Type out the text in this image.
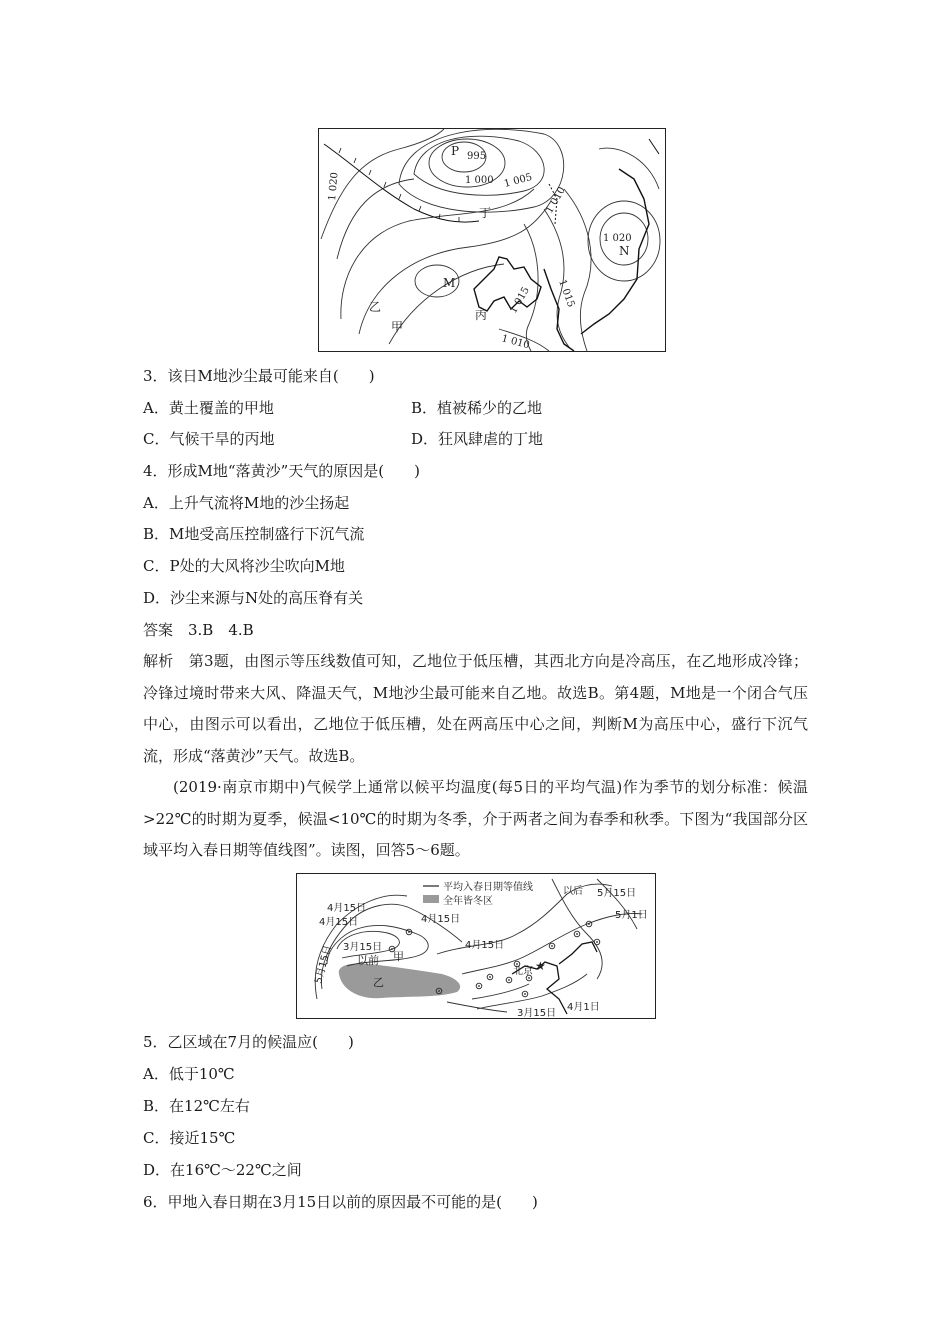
P 995
1 000 1 005
1 010
1 020
1 020
N
1 015
1 015
1 010
丁
乙
M
甲
丙
3．该日M地沙尘最可能来自(　　)
A．黄土覆盖的甲地	B．植被稀少的乙地
C．气候干旱的丙地	D．狂风肆虐的丁地
4．形成M地“落黄沙”天气的原因是(　　)
A．上升气流将M地的沙尘扬起
B．M地受高压控制盛行下沉气流
C．P处的大风将沙尘吹向M地
D．沙尘来源与N处的高压脊有关
答案　3.B　4.B
解析　第3题，由图示等压线数值可知，乙地位于低压槽，其西北方向是冷高压，在乙地形成冷锋；冷锋过境时带来大风、降温天气，M地沙尘最可能来自乙地。故选B。第4题，M地是一个闭合气压中心，由图示可以看出，乙地位于低压槽，处在两高压中心之间，判断M为高压中心，盛行下沉气流，形成“落黄沙”天气。故选B。
(2019·南京市期中)气候学上通常以候平均温度(每5日的平均气温)作为季节的划分标准：候温>22℃的时期为夏季，候温<10℃的时期为冬季，介于两者之间为春季和秋季。下图为“我国部分区域平均入春日期等值线图”。读图，回答5～6题。
平均入春日期等值线
全年皆冬区
★
以后 5月15日
5月1日
4月15日
4月15日	4月15日
4月15日
3月15日
以前 甲
5月15日	北京
乙
3月15日
4月1日
5．乙区域在7月的候温应(　　)
A．低于10℃
B．在12℃左右
C．接近15℃
D．在16℃～22℃之间
6．甲地入春日期在3月15日以前的原因最不可能的是(　　)
